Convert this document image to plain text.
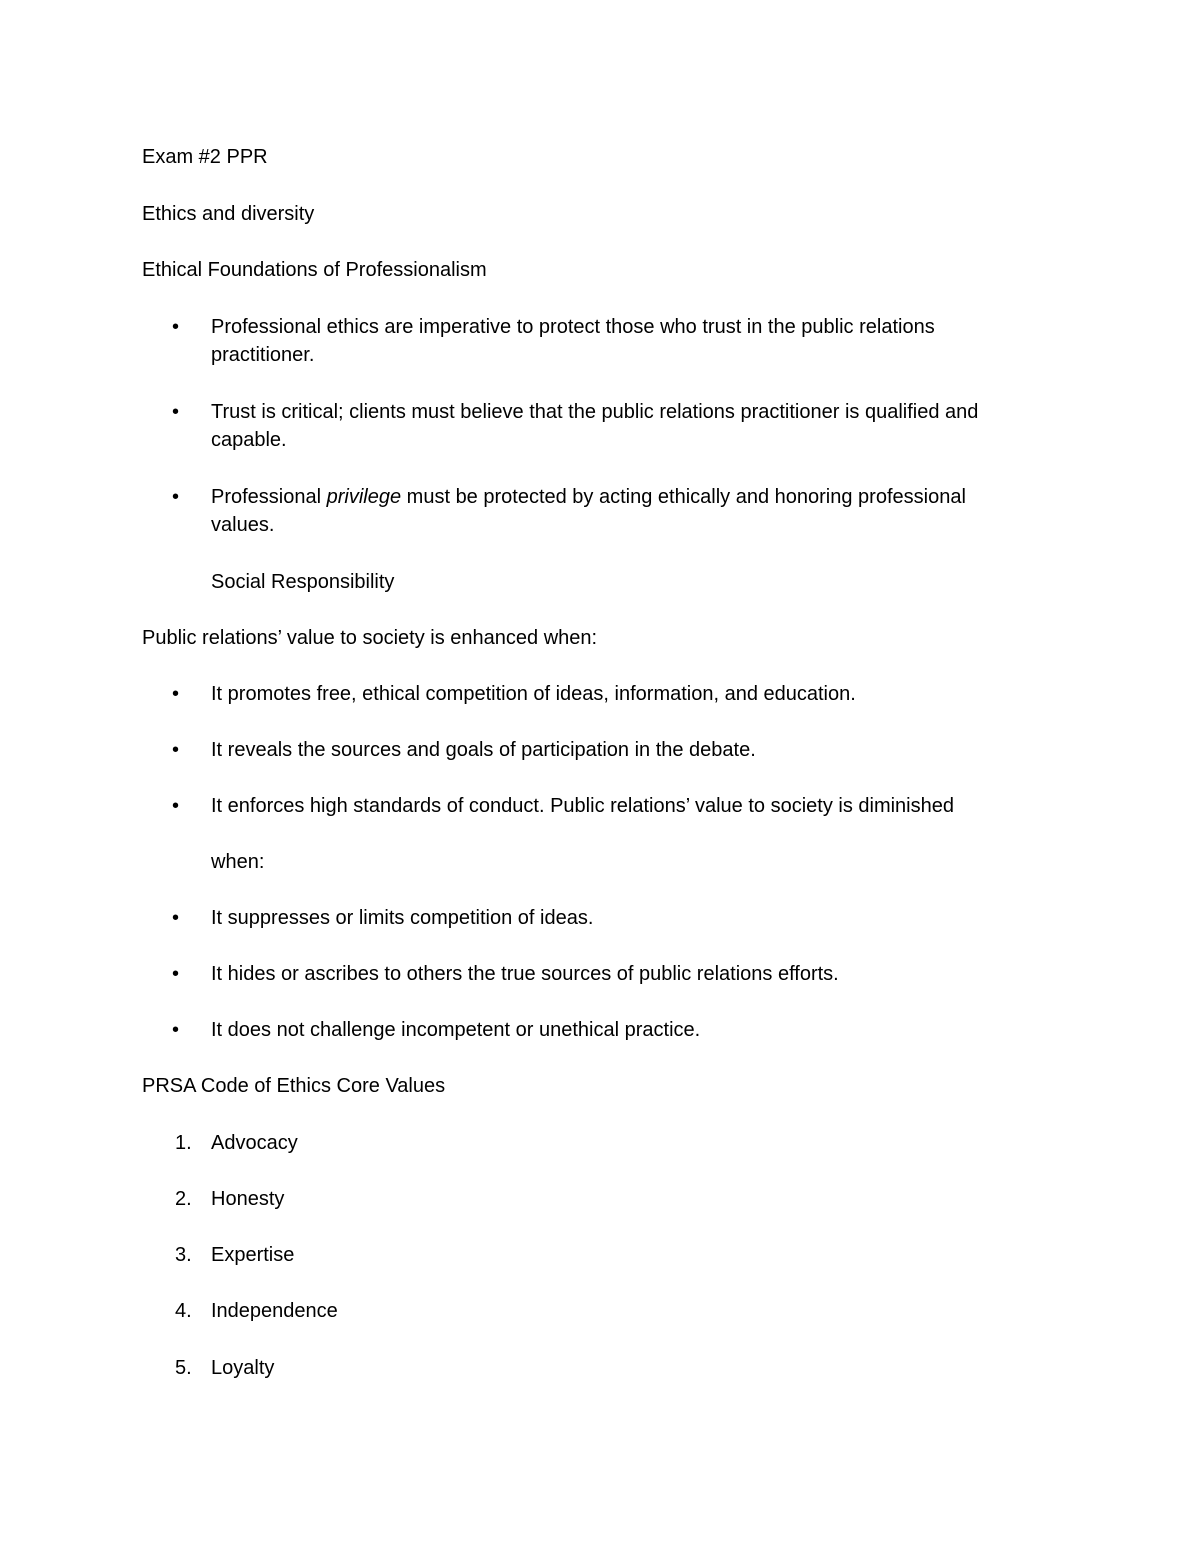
Exam #2 PPR

Ethics and diversity

Ethical Foundations of Professionalism

• Professional ethics are imperative to protect those who trust in the public relations
practitioner.
• Trust is critical; clients must believe that the public relations practitioner is qualified and
capable.
• Professional privilege must be protected by acting ethically and honoring professional
values.
Social Responsibility

Public relations’ value to society is enhanced when:

• It promotes free, ethical competition of ideas, information, and education.
• It reveals the sources and goals of participation in the debate.
• It enforces high standards of conduct. Public relations’ value to society is diminished
when:
• It suppresses or limits competition of ideas.
• It hides or ascribes to others the true sources of public relations efforts.
• It does not challenge incompetent or unethical practice.

PRSA Code of Ethics Core Values

1. Advocacy
2. Honesty
3. Expertise
4. Independence
5. Loyalty
